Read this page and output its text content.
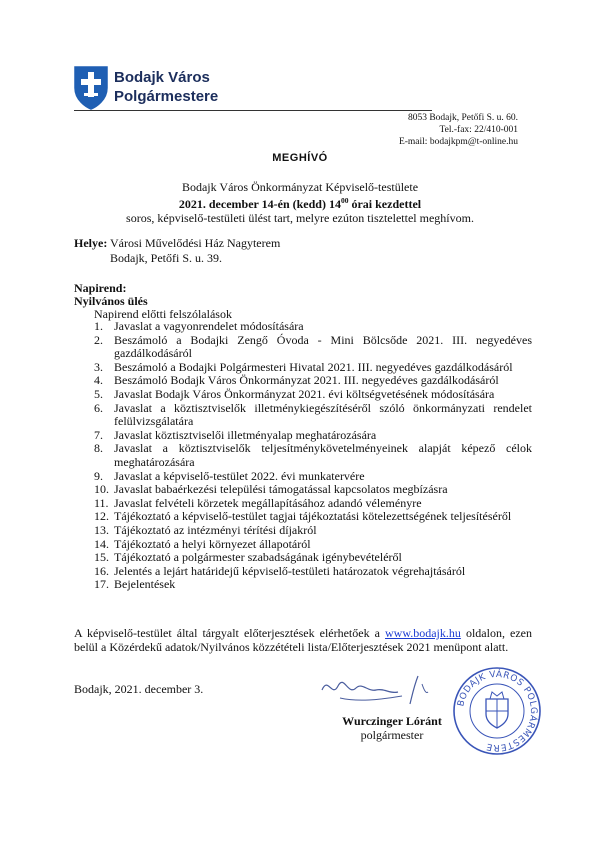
Bodajk Város
Polgármestere
8053 Bodajk, Petőfi S. u. 60.
Tel.-fax: 22/410-001
E-mail: bodajkpm@t-online.hu
MEGHÍVÓ
Bodajk Város Önkormányzat Képviselő-testülete
2021. december 14-én (kedd) $14^{00}$ órai kezdettel
soros, képviselő-testületi ülést tart, melyre ezúton tisztelettel meghívom.
Helye: Városi Művelődési Ház Nagyterem
Bodajk, Petőfi S. u. 39.
Napirend:
Nyilvános ülés
Napirend előtti felszólalások
1. Javaslat a vagyonrendelet módosítására
2. Beszámoló a Bodajki Zengő Óvoda - Mini Bölcsőde 2021. III. negyedéves gazdálkodásáról
3. Beszámoló a Bodajki Polgármesteri Hivatal 2021. III. negyedéves gazdálkodásáról
4. Beszámoló Bodajk Város Önkormányzat 2021. III. negyedéves gazdálkodásáról
5. Javaslat Bodajk Város Önkormányzat 2021. évi költségvetésének módosítására
6. Javaslat a köztisztviselők illetménykiegészítéséről szóló önkormányzati rendelet felülvizsgálatára
7. Javaslat köztisztviselői illetményalap meghatározására
8. Javaslat a köztisztviselők teljesítménykövetelményeinek alapját képező célok meghatározására
9. Javaslat a képviselő-testület 2022. évi munkatervére
10. Javaslat babaérkezési települési támogatással kapcsolatos megbízásra
11. Javaslat felvételi körzetek megállapításához adandó véleményre
12. Tájékoztató a képviselő-testület tagjai tájékoztatási kötelezettségének teljesítéséről
13. Tájékoztató az intézményi térítési díjakról
14. Tájékoztató a helyi környezet állapotáról
15. Tájékoztató a polgármester szabadságának igénybevételéről
16. Jelentés a lejárt határidejű képviselő-testületi határozatok végrehajtásáról
17. Bejelentések
A képviselő-testület által tárgyalt előterjesztések elérhetőek a www.bodajk.hu oldalon, ezen belül a Közérdekű adatok/Nyilvános közzétételi lista/Előterjesztések 2021 menüpont alatt.
Bodajk, 2021. december 3.
Wurczinger Lóránt
polgármester
BODAJK VÁROS POLGÁRMESTERE
